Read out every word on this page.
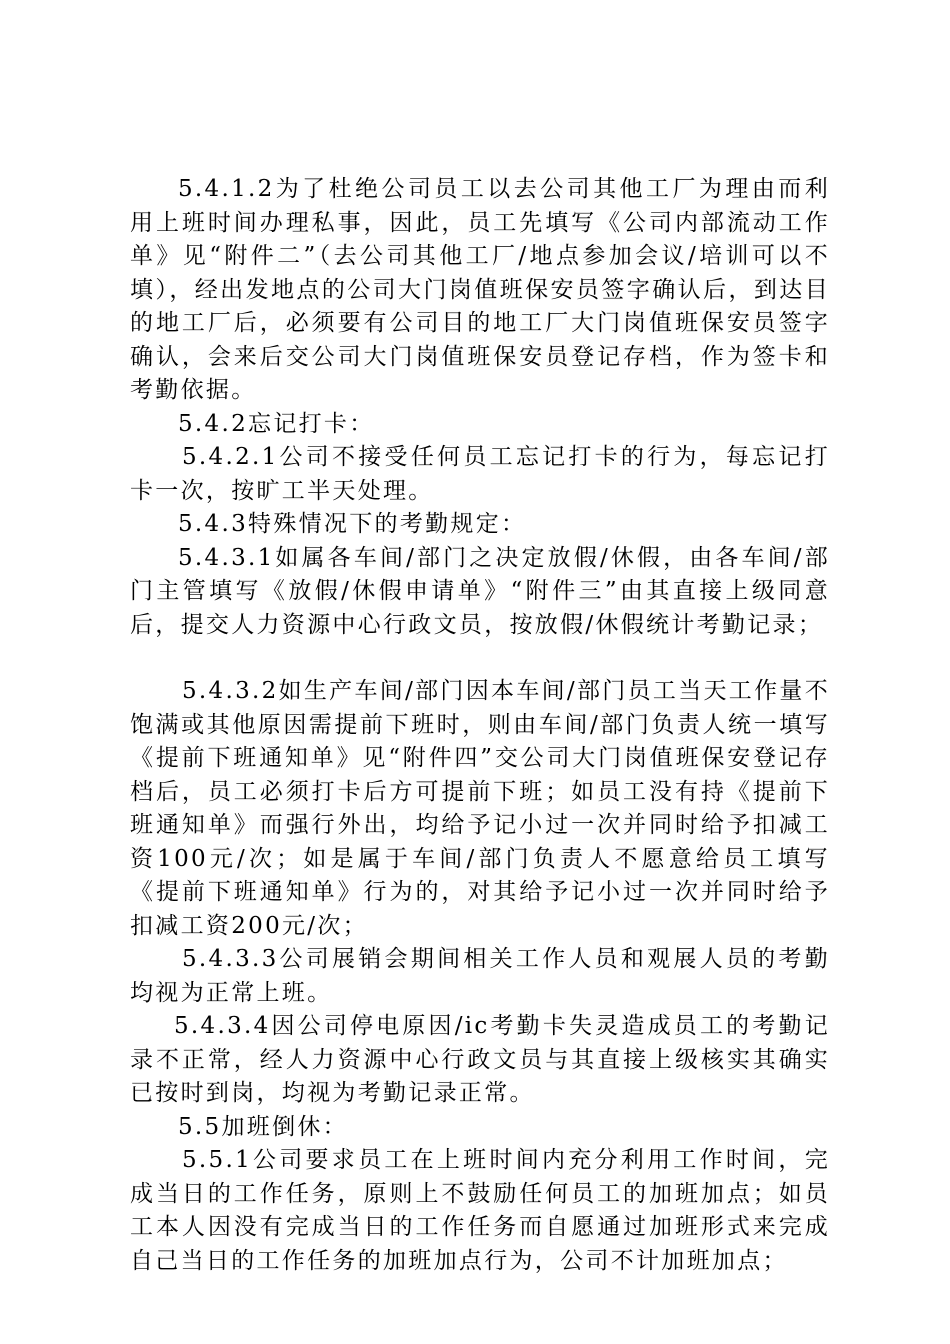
5.4.1.2为了杜绝公司员工以去公司其他工厂为理由而利用上班时间办理私事，因此，员工先填写《公司内部流动工作单》见“附件二”（去公司其他工厂/地点参加会议/培训可以不填），经出发地点的公司大门岗值班保安员签字确认后，到达目的地工厂后，必须要有公司目的地工厂大门岗值班保安员签字确认，会来后交公司大门岗值班保安员登记存档，作为签卡和考勤依据。

5.4.2忘记打卡：

5.4.2.1公司不接受任何员工忘记打卡的行为，每忘记打卡一次，按旷工半天处理。

5.4.3特殊情况下的考勤规定：

5.4.3.1如属各车间/部门之决定放假/休假，由各车间/部门主管填写《放假/休假申请单》“附件三”由其直接上级同意后，提交人力资源中心行政文员，按放假/休假统计考勤记录；

5.4.3.2如生产车间/部门因本车间/部门员工当天工作量不饱满或其他原因需提前下班时，则由车间/部门负责人统一填写《提前下班通知单》见“附件四”交公司大门岗值班保安登记存档后，员工必须打卡后方可提前下班；如员工没有持《提前下班通知单》而强行外出，均给予记小过一次并同时给予扣减工资100元/次；如是属于车间/部门负责人不愿意给员工填写《提前下班通知单》行为的，对其给予记小过一次并同时给予扣减工资200元/次；

5.4.3.3公司展销会期间相关工作人员和观展人员的考勤均视为正常上班。

5.4.3.4因公司停电原因/ic考勤卡失灵造成员工的考勤记录不正常，经人力资源中心行政文员与其直接上级核实其确实已按时到岗，均视为考勤记录正常。

5.5加班倒休：

5.5.1公司要求员工在上班时间内充分利用工作时间，完成当日的工作任务，原则上不鼓励任何员工的加班加点；如员工本人因没有完成当日的工作任务而自愿通过加班形式来完成自己当日的工作任务的加班加点行为，公司不计加班加点；
